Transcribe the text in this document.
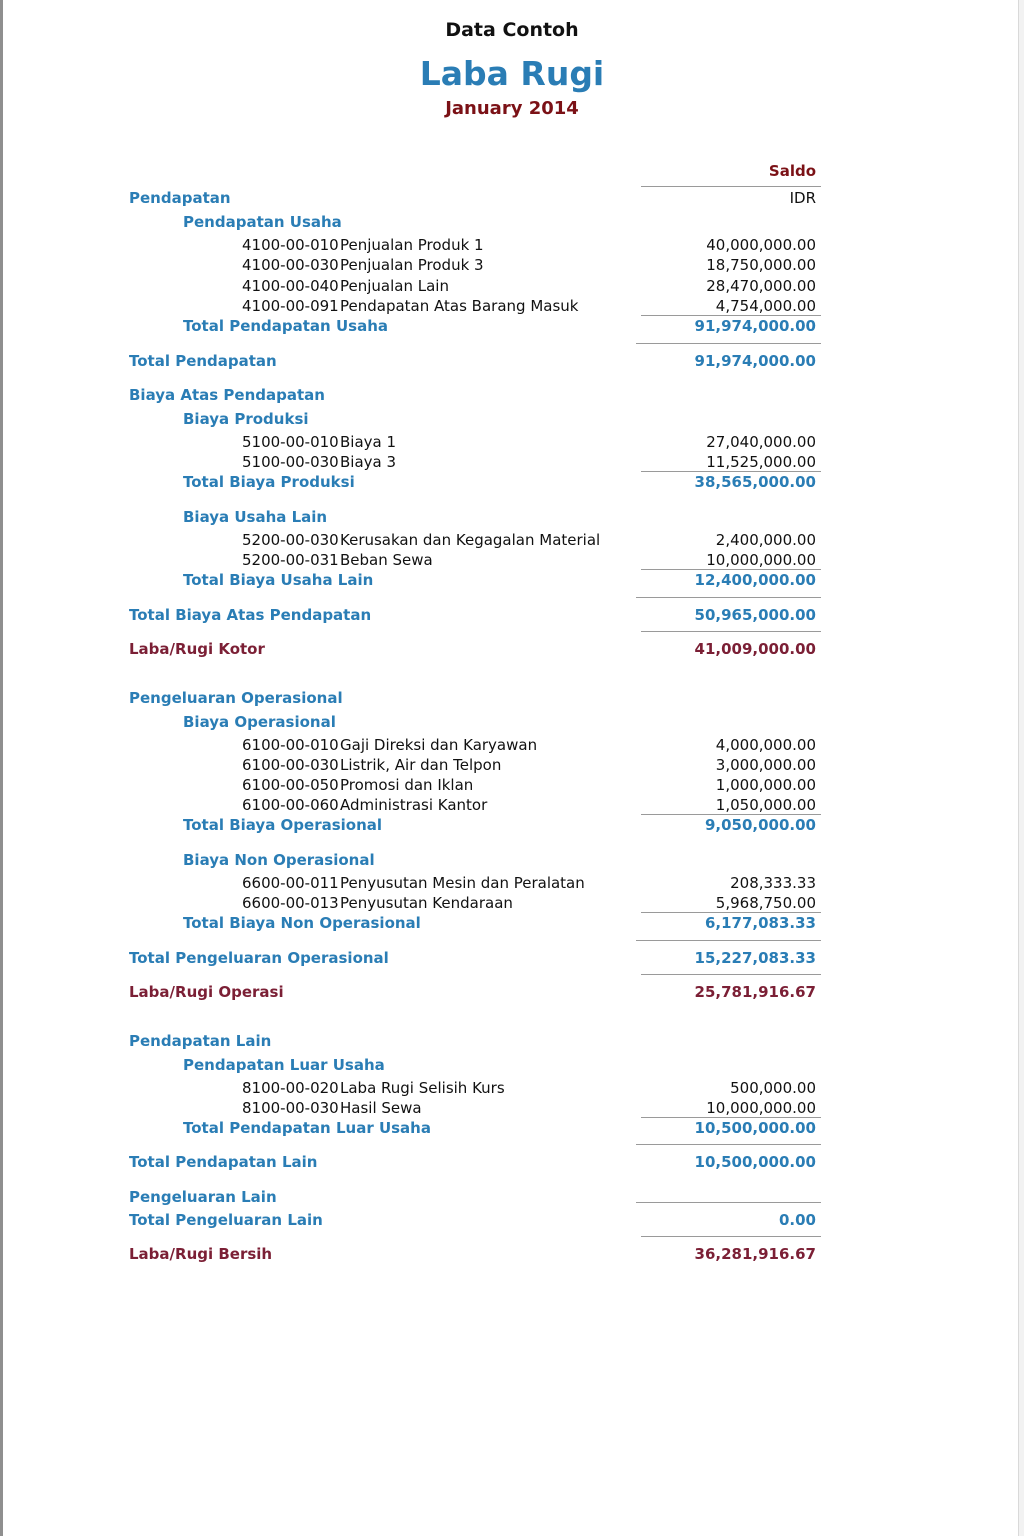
Data Contoh
Laba Rugi
January 2014
Saldo
IDR
Pendapatan
Pendapatan Usaha
4100-00-010 Penjualan Produk 1	40,000,000.00
4100-00-030 Penjualan Produk 3	18,750,000.00
4100-00-040 Penjualan Lain	28,470,000.00
4100-00-091 Pendapatan Atas Barang Masuk	4,754,000.00
Total Pendapatan Usaha	91,974,000.00
Total Pendapatan	91,974,000.00
Biaya Atas Pendapatan
Biaya Produksi
5100-00-010 Biaya 1	27,040,000.00
5100-00-030 Biaya 3	11,525,000.00
Total Biaya Produksi	38,565,000.00
Biaya Usaha Lain
5200-00-030 Kerusakan dan Kegagalan Material	2,400,000.00
5200-00-031 Beban Sewa	10,000,000.00
Total Biaya Usaha Lain	12,400,000.00
Total Biaya Atas Pendapatan	50,965,000.00
Laba/Rugi Kotor	41,009,000.00
Pengeluaran Operasional
Biaya Operasional
6100-00-010 Gaji Direksi dan Karyawan	4,000,000.00
6100-00-030 Listrik, Air dan Telpon	3,000,000.00
6100-00-050 Promosi dan Iklan	1,000,000.00
6100-00-060 Administrasi Kantor	1,050,000.00
Total Biaya Operasional	9,050,000.00
Biaya Non Operasional
6600-00-011 Penyusutan Mesin dan Peralatan	208,333.33
6600-00-013 Penyusutan Kendaraan	5,968,750.00
Total Biaya Non Operasional	6,177,083.33
Total Pengeluaran Operasional	15,227,083.33
Laba/Rugi Operasi	25,781,916.67
Pendapatan Lain
Pendapatan Luar Usaha
8100-00-020 Laba Rugi Selisih Kurs	500,000.00
8100-00-030 Hasil Sewa	10,000,000.00
Total Pendapatan Luar Usaha	10,500,000.00
Total Pendapatan Lain	10,500,000.00
Pengeluaran Lain
Total Pengeluaran Lain	0.00
Laba/Rugi Bersih	36,281,916.67
